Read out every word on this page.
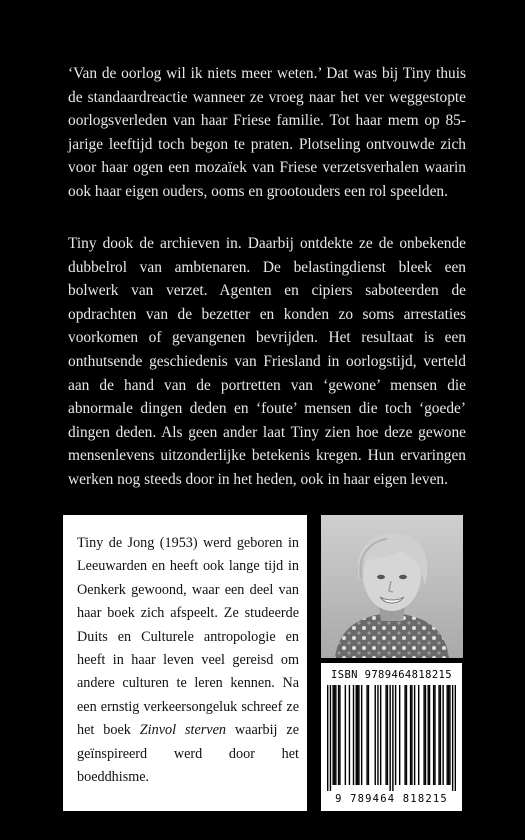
‘Van de oorlog wil ik niets meer weten.’ Dat was bij Tiny thuis de standaardreactie wanneer ze vroeg naar het ver weggestopte oorlogsverleden van haar Friese familie. Tot haar mem op 85-jarige leeftijd toch begon te praten. Plotseling ontvouwde zich voor haar ogen een mozaïek van Friese verzetsverhalen waarin ook haar eigen ouders, ooms en grootouders een rol speelden.

Tiny dook de archieven in. Daarbij ontdekte ze de onbekende dubbelrol van ambtenaren. De belastingdienst bleek een bolwerk van verzet. Agenten en cipiers saboteerden de opdrachten van de bezetter en konden zo soms arrestaties voorkomen of gevangenen bevrijden. Het resultaat is een onthutsende geschiedenis van Friesland in oorlogstijd, verteld aan de hand van de portretten van ‘gewone’ mensen die abnormale dingen deden en ‘foute’ mensen die toch ‘goede’ dingen deden. Als geen ander laat Tiny zien hoe deze gewone mensenlevens uitzonderlijke betekenis kregen. Hun ervaringen werken nog steeds door in het heden, ook in haar eigen leven.

Tiny de Jong (1953) werd geboren in Leeuwarden en heeft ook lange tijd in Oenkerk gewoond, waar een deel van haar boek zich afspeelt. Ze studeerde Duits en Culturele antropologie en heeft in haar leven veel gereisd om andere culturen te leren kennen. Na een ernstig verkeersongeluk schreef ze het boek Zinvol sterven waarbij ze geïnspireerd werd door het boeddhisme.

ISBN 9789464818215
9 789464 818215
